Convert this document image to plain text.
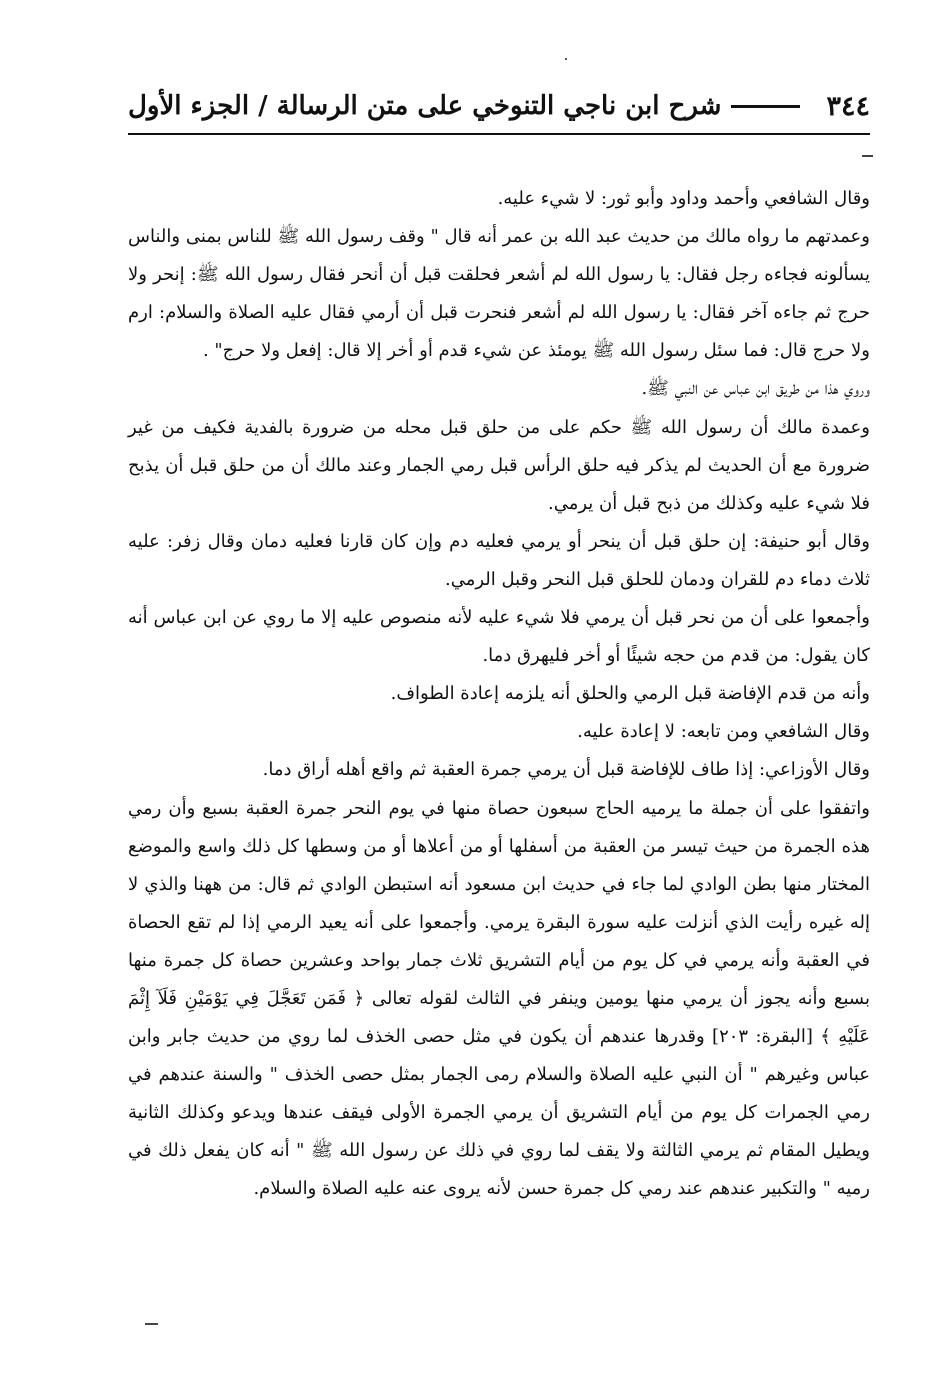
٣٤٤
شرح ابن ناجي التنوخي على متن الرسالة / الجزء الأول

وقال الشافعي وأحمد وداود وأبو ثور: لا شيء عليه.

وعمدتهم ما رواه مالك من حديث عبد الله بن عمر أنه قال " وقف رسول الله ﷺ للناس بمنى والناس يسألونه فجاءه رجل فقال: يا رسول الله لم أشعر فحلقت قبل أن أنحر فقال رسول الله ﷺ: إنحر ولا حرج ثم جاءه آخر فقال: يا رسول الله لم أشعر فنحرت قبل أن أرمي فقال عليه الصلاة والسلام: ارم ولا حرج قال: فما سئل رسول الله ﷺ يومئذ عن شيء قدم أو أخر إلا قال: إفعل ولا حرج" .

وروي هذا من طريق ابن عباس عن النبي ﷺ.

وعمدة مالك أن رسول الله ﷺ حكم على من حلق قبل محله من ضرورة بالفدية فكيف من غير ضرورة مع أن الحديث لم يذكر فيه حلق الرأس قبل رمي الجمار وعند مالك أن من حلق قبل أن يذبح فلا شيء عليه وكذلك من ذبح قبل أن يرمي.

وقال أبو حنيفة: إن حلق قبل أن ينحر أو يرمي فعليه دم وإن كان قارنا فعليه دمان وقال زفر: عليه ثلاث دماء دم للقران ودمان للحلق قبل النحر وقبل الرمي.

وأجمعوا على أن من نحر قبل أن يرمي فلا شيء عليه لأنه منصوص عليه إلا ما روي عن ابن عباس أنه كان يقول: من قدم من حجه شيئًا أو أخر فليهرق دما.

وأنه من قدم الإفاضة قبل الرمي والحلق أنه يلزمه إعادة الطواف.

وقال الشافعي ومن تابعه: لا إعادة عليه.

وقال الأوزاعي: إذا طاف للإفاضة قبل أن يرمي جمرة العقبة ثم واقع أهله أراق دما.

واتفقوا على أن جملة ما يرميه الحاج سبعون حصاة منها في يوم النحر جمرة العقبة بسبع وأن رمي هذه الجمرة من حيث تيسر من العقبة من أسفلها أو من أعلاها أو من وسطها كل ذلك واسع والموضع المختار منها بطن الوادي لما جاء في حديث ابن مسعود أنه استبطن الوادي ثم قال: من ههنا والذي لا إله غيره رأيت الذي أنزلت عليه سورة البقرة يرمي. وأجمعوا على أنه يعيد الرمي إذا لم تقع الحصاة في العقبة وأنه يرمي في كل يوم من أيام التشريق ثلاث جمار بواحد وعشرين حصاة كل جمرة منها بسبع وأنه يجوز أن يرمي منها يومين وينفر في الثالث لقوله تعالى ﴿ فَمَن تَعَجَّلَ فِي يَوْمَيْنِ فَلَآ إِثْمَ عَلَيْهِ ﴾ [البقرة: ٢٠٣] وقدرها عندهم أن يكون في مثل حصى الخذف لما روي من حديث جابر وابن عباس وغيرهم " أن النبي عليه الصلاة والسلام رمى الجمار بمثل حصى الخذف " والسنة عندهم في رمي الجمرات كل يوم من أيام التشريق أن يرمي الجمرة الأولى فيقف عندها ويدعو وكذلك الثانية ويطيل المقام ثم يرمي الثالثة ولا يقف لما روي في ذلك عن رسول الله ﷺ " أنه كان يفعل ذلك في رميه " والتكبير عندهم عند رمي كل جمرة حسن لأنه يروى عنه عليه الصلاة والسلام.
